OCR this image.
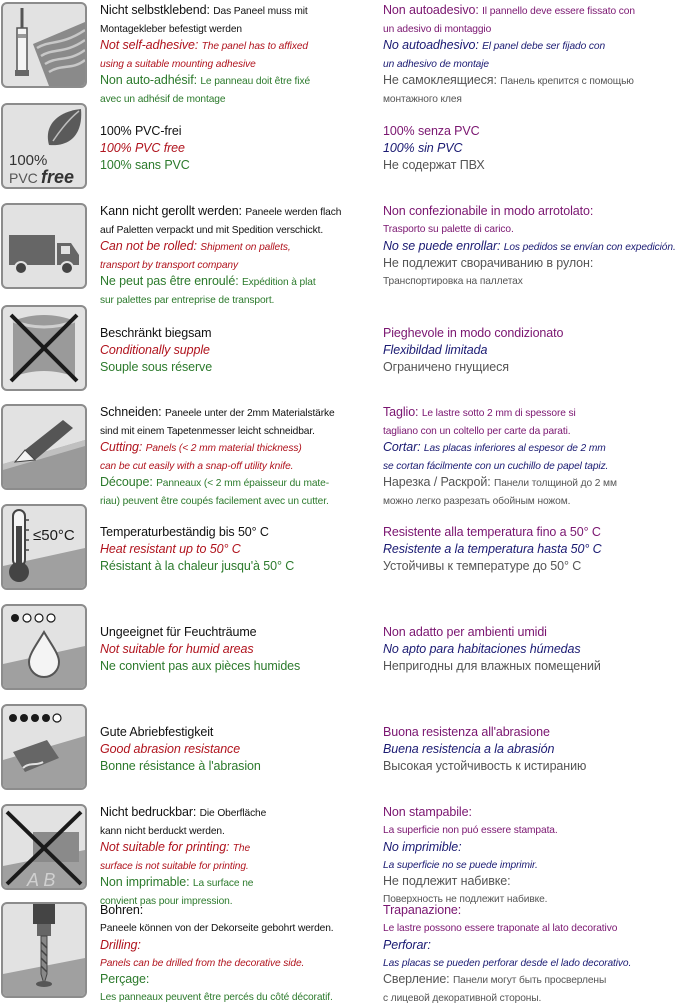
Nicht selbstklebend: Das Paneel muss mit
Montagekleber befestigt werden
Not self-adhesive: The panel has to affixed
using a suitable mounting adhesive
Non auto-adhésif: Le panneau doit être fixé
avec un adhésif de montage
Non autoadesivo: Il pannello deve essere fissato con
un adesivo di montaggio
No autoadhesivo: El panel debe ser fijado con
un adhesivo de montaje
Не самоклеящиеся: Панель крепится с помощью
монтажного клея
100%
PVC free
100% PVC-frei
100% PVC free
100% sans PVC
100% senza PVC
100% sin PVC
Не содержат ПВХ
Kann nicht gerollt werden: Paneele werden flach
auf Paletten verpackt und mit Spedition verschickt.
Can not be rolled: Shipment on pallets,
transport by transport company
Ne peut pas être enroulé: Expédition à plat
sur palettes par entreprise de transport.
Non confezionabile in modo arrotolato:
Trasporto su palette di carico.
No se puede enrollar: Los pedidos se envían con expedición.
Не подлежит сворачиванию в рулон:
Транспортировка на паллетах
Beschränkt biegsam
Conditionally supple
Souple sous réserve
Pieghevole in modo condizionato
Flexibildad limitada
Ограничено гнущиеся
Schneiden: Paneele unter der 2mm Materialstärke
sind mit einem Tapetenmesser leicht schneidbar.
Cutting: Panels (< 2 mm material thickness)
can be cut easily with a snap-off utility knife.
Découpe: Panneaux (< 2 mm épaisseur du mate-
riau) peuvent être coupés facilement avec un cutter.
Taglio: Le lastre sotto 2 mm di spessore si
tagliano con un coltello per carte da parati.
Cortar: Las placas inferiores al espesor de 2 mm
se cortan fácilmente con un cuchillo de papel tapiz.
Нарезка / Раскрой: Панели толщиной до 2 мм
можно легко разрезать обойным ножом.
≤50°C Temperaturbeständig bis 50° C
Heat resistant up to 50° C
Résistant à la chaleur jusqu'à 50° C
Resistente alla temperatura fino a 50° C
Resistente a la temperatura hasta 50° C
Устойчивы к температуре до 50° С
Ungeeignet für Feuchträume
Not suitable for humid areas
Ne convient pas aux pièces humides
Non adatto per ambienti umidi
No apto para habitaciones húmedas
Непригодны для влажных помещений
Gute Abriebfestigkeit
Good abrasion resistance
Bonne résistance à l'abrasion
Buona resistenza all'abrasione
Buena resistencia a la abrasión
Высокая устойчивость к истиранию
A B
Nicht bedruckbar: Die Oberfläche
kann nicht berduckt werden.
Not suitable for printing: The
surface is not suitable for printing.
Non imprimable: La surface ne
convient pas pour impression.
Non stampabile:
La superficie non puó essere stampata.
No imprimible:
La superficie no se puede imprimir.
Не подлежит набивке:
Поверхность не подлежит набивке.
Bohren:
Paneele können von der Dekorseite gebohrt werden.
Drilling:
Panels can be drilled from the decorative side.
Perçage:
Les panneaux peuvent être percés du côté décoratif.
Trapanazione:
Le lastre possono essere traponate al lato decorativo
Perforar:
Las placas se pueden perforar desde el lado decorativo.
Сверление: Панели могут быть просверлены
с лицевой декоративной стороны.
